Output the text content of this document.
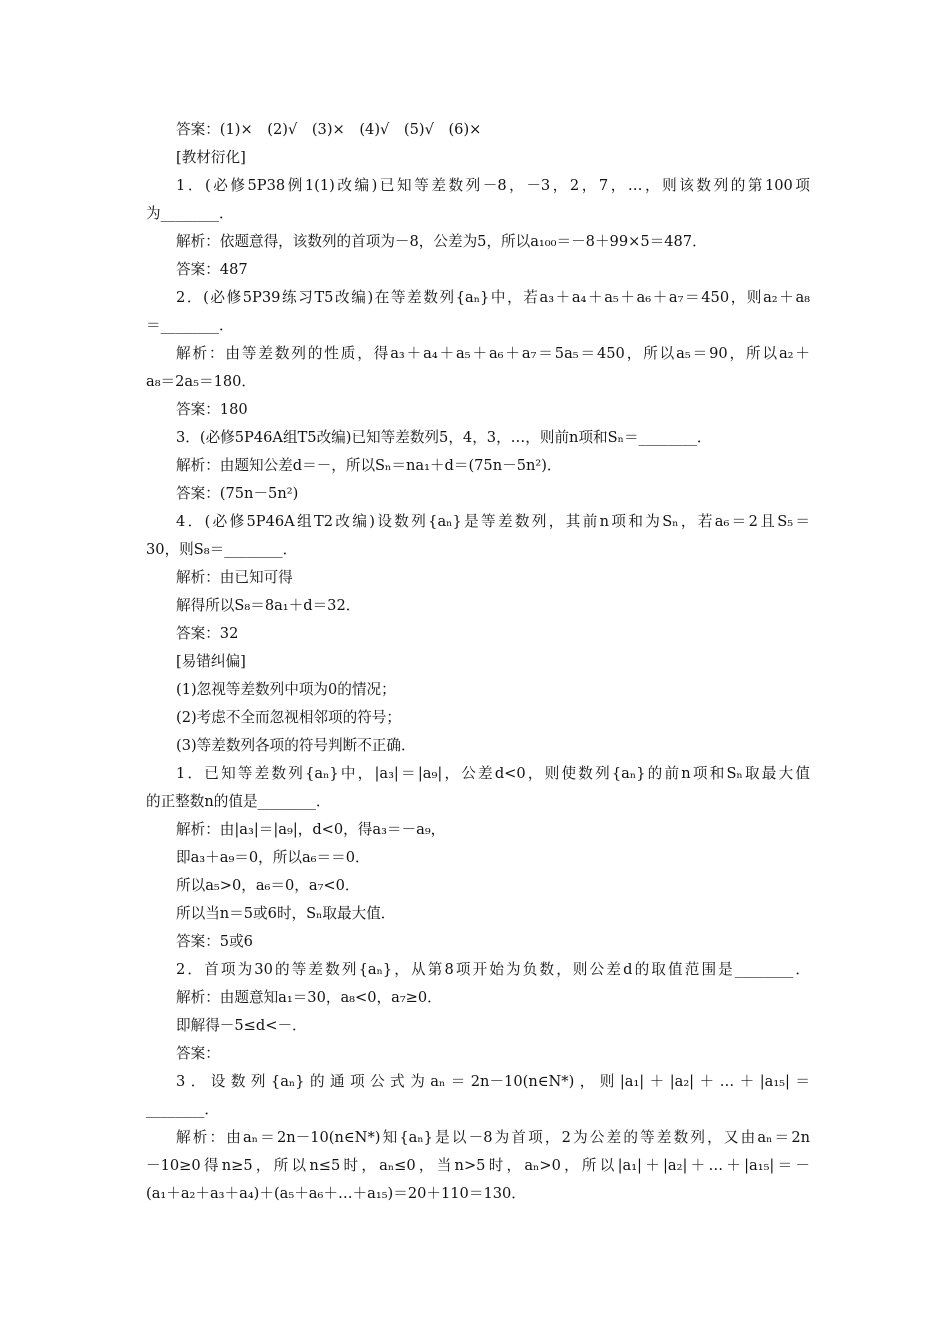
答案：(1)×　(2)√　(3)×　(4)√　(5)√　(6)×
[教材衍化]
1．(必修5P38例1(1)改编)已知等差数列－8，－3，2，7，…，则该数列的第100项
为________．
解析：依题意得，该数列的首项为－8，公差为5，所以a₁₀₀＝－8＋99×5＝487．
答案：487
2．(必修5P39练习T5改编)在等差数列{aₙ}中，若a₃＋a₄＋a₅＋a₆＋a₇＝450，则a₂＋a₈
＝________．
解析：由等差数列的性质，得a₃＋a₄＋a₅＋a₆＋a₇＝5a₅＝450，所以a₅＝90，所以a₂＋
a₈＝2a₅＝180．
答案：180
3．(必修5P46A组T5改编)已知等差数列5，4，3，…，则前n项和Sₙ＝________．
解析：由题知公差d＝－，所以Sₙ＝na₁＋d＝(75n－5n²)．
答案：(75n－5n²)
4．(必修5P46A组T2改编)设数列{aₙ}是等差数列，其前n项和为Sₙ，若a₆＝2且S₅＝
30，则S₈＝________．
解析：由已知可得
解得所以S₈＝8a₁＋d＝32．
答案：32
[易错纠偏]
(1)忽视等差数列中项为0的情况；
(2)考虑不全而忽视相邻项的符号；
(3)等差数列各项的符号判断不正确．
1．已知等差数列{aₙ}中，|a₃|＝|a₉|，公差d<0，则使数列{aₙ}的前n项和Sₙ取最大值
的正整数n的值是________．
解析：由|a₃|＝|a₉|，d<0，得a₃＝－a₉，
即a₃＋a₉＝0，所以a₆＝＝0．
所以a₅>0，a₆＝0，a₇<0．
所以当n＝5或6时，Sₙ取最大值．
答案：5或6
2．首项为30的等差数列{aₙ}，从第8项开始为负数，则公差d的取值范围是________．
解析：由题意知a₁＝30，a₈<0，a₇≥0．
即解得－5≤d<－．
答案：
3．设数列{aₙ}的通项公式为aₙ＝2n－10(n∈N*)，则|a₁|＋|a₂|＋…＋|a₁₅|＝
________．
解析：由aₙ＝2n－10(n∈N*)知{aₙ}是以－8为首项，2为公差的等差数列，又由aₙ＝2n
－10≥0得n≥5，所以n≤5时，aₙ≤0，当n>5时，aₙ>0，所以|a₁|＋|a₂|＋…＋|a₁₅|＝－
(a₁＋a₂＋a₃＋a₄)＋(a₅＋a₆＋…＋a₁₅)＝20＋110＝130．
